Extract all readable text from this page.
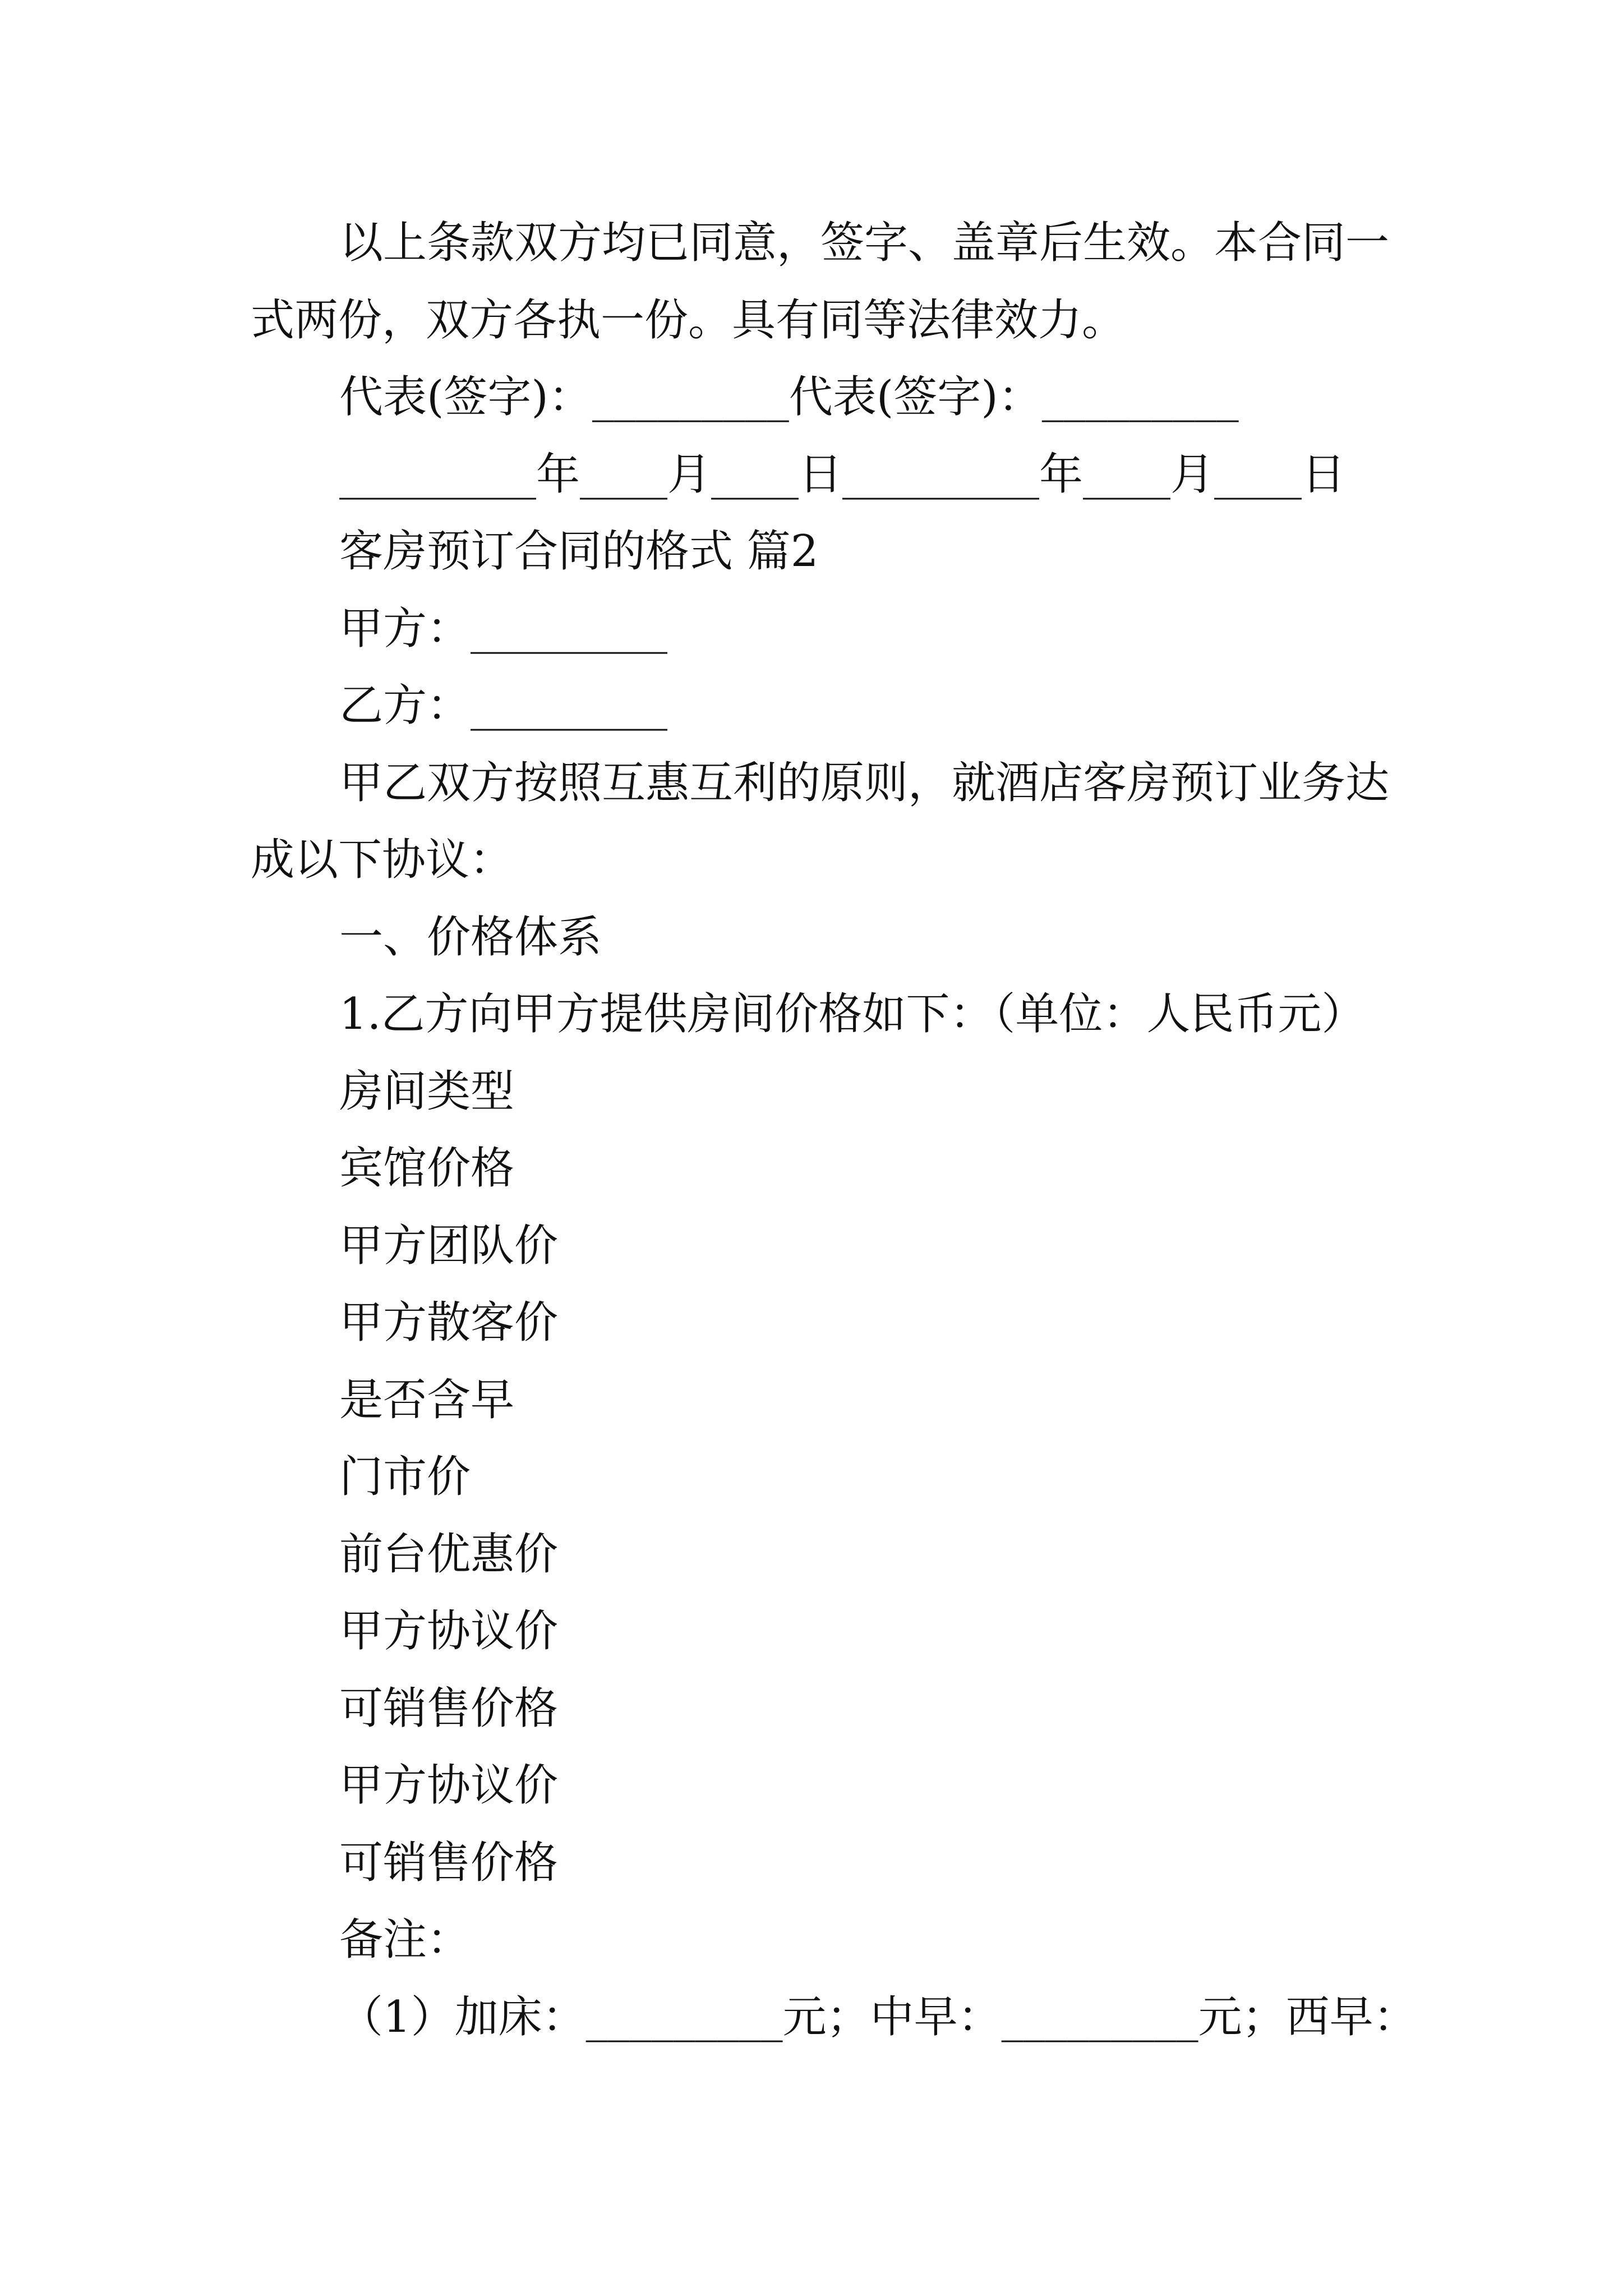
以上条款双方均已同意，签字、盖章后生效。本合同一

式两份，双方各执一份。具有同等法律效力。

代表(签字)：_________代表(签字)：_________

_________年____月____日_________年____月____日

客房预订合同的格式 篇2

甲方：_________

乙方：_________

甲乙双方按照互惠互利的原则，就酒店客房预订业务达

成以下协议：

一、价格体系

1.乙方向甲方提供房间价格如下：（单位：人民币元）

房间类型

宾馆价格

甲方团队价

甲方散客价

是否含早

门市价

前台优惠价

甲方协议价

可销售价格

甲方协议价

可销售价格

备注：

（1）加床：_________元；中早：_________元；西早：
